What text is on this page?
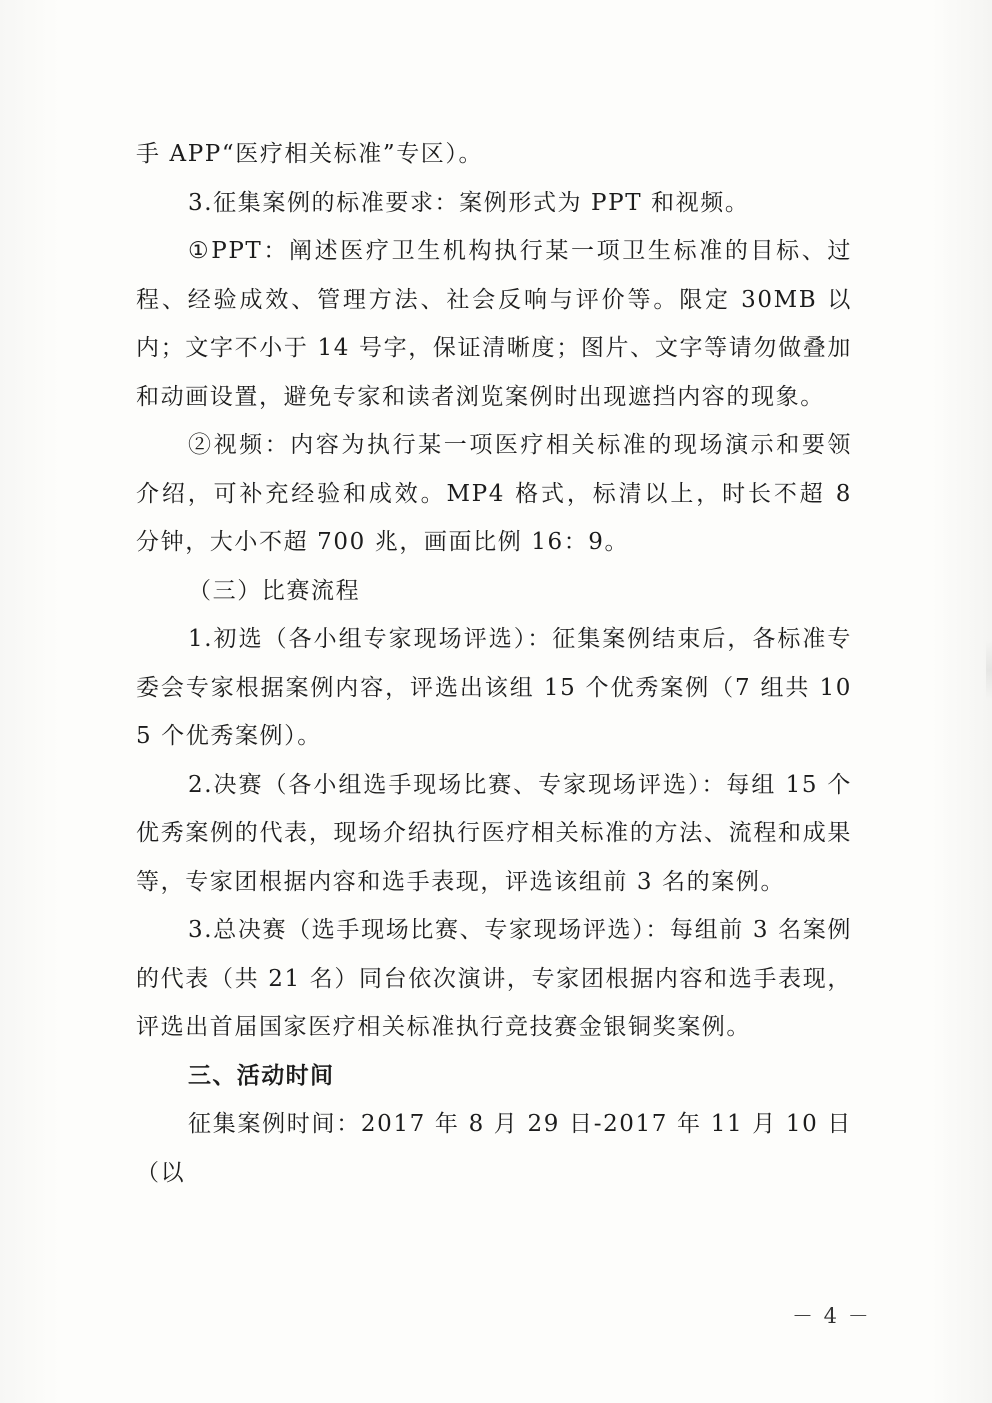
手 APP“医疗相关标准”专区）。

3.征集案例的标准要求：案例形式为 PPT 和视频。

①PPT：阐述医疗卫生机构执行某一项卫生标准的目标、过程、经验成效、管理方法、社会反响与评价等。限定 30MB 以内；文字不小于 14 号字，保证清晰度；图片、文字等请勿做叠加和动画设置，避免专家和读者浏览案例时出现遮挡内容的现象。

②视频：内容为执行某一项医疗相关标准的现场演示和要领介绍，可补充经验和成效。MP4 格式，标清以上，时长不超 8 分钟，大小不超 700 兆，画面比例 16：9。

（三）比赛流程

1.初选（各小组专家现场评选）：征集案例结束后，各标准专委会专家根据案例内容，评选出该组 15 个优秀案例（7 组共 105 个优秀案例）。

2.决赛（各小组选手现场比赛、专家现场评选）：每组 15 个优秀案例的代表，现场介绍执行医疗相关标准的方法、流程和成果等，专家团根据内容和选手表现，评选该组前 3 名的案例。

3.总决赛（选手现场比赛、专家现场评选）：每组前 3 名案例的代表（共 21 名）同台依次演讲，专家团根据内容和选手表现，评选出首届国家医疗相关标准执行竞技赛金银铜奖案例。

三、活动时间

征集案例时间：2017 年 8 月 29 日-2017 年 11 月 10 日（以

－ 4 －
